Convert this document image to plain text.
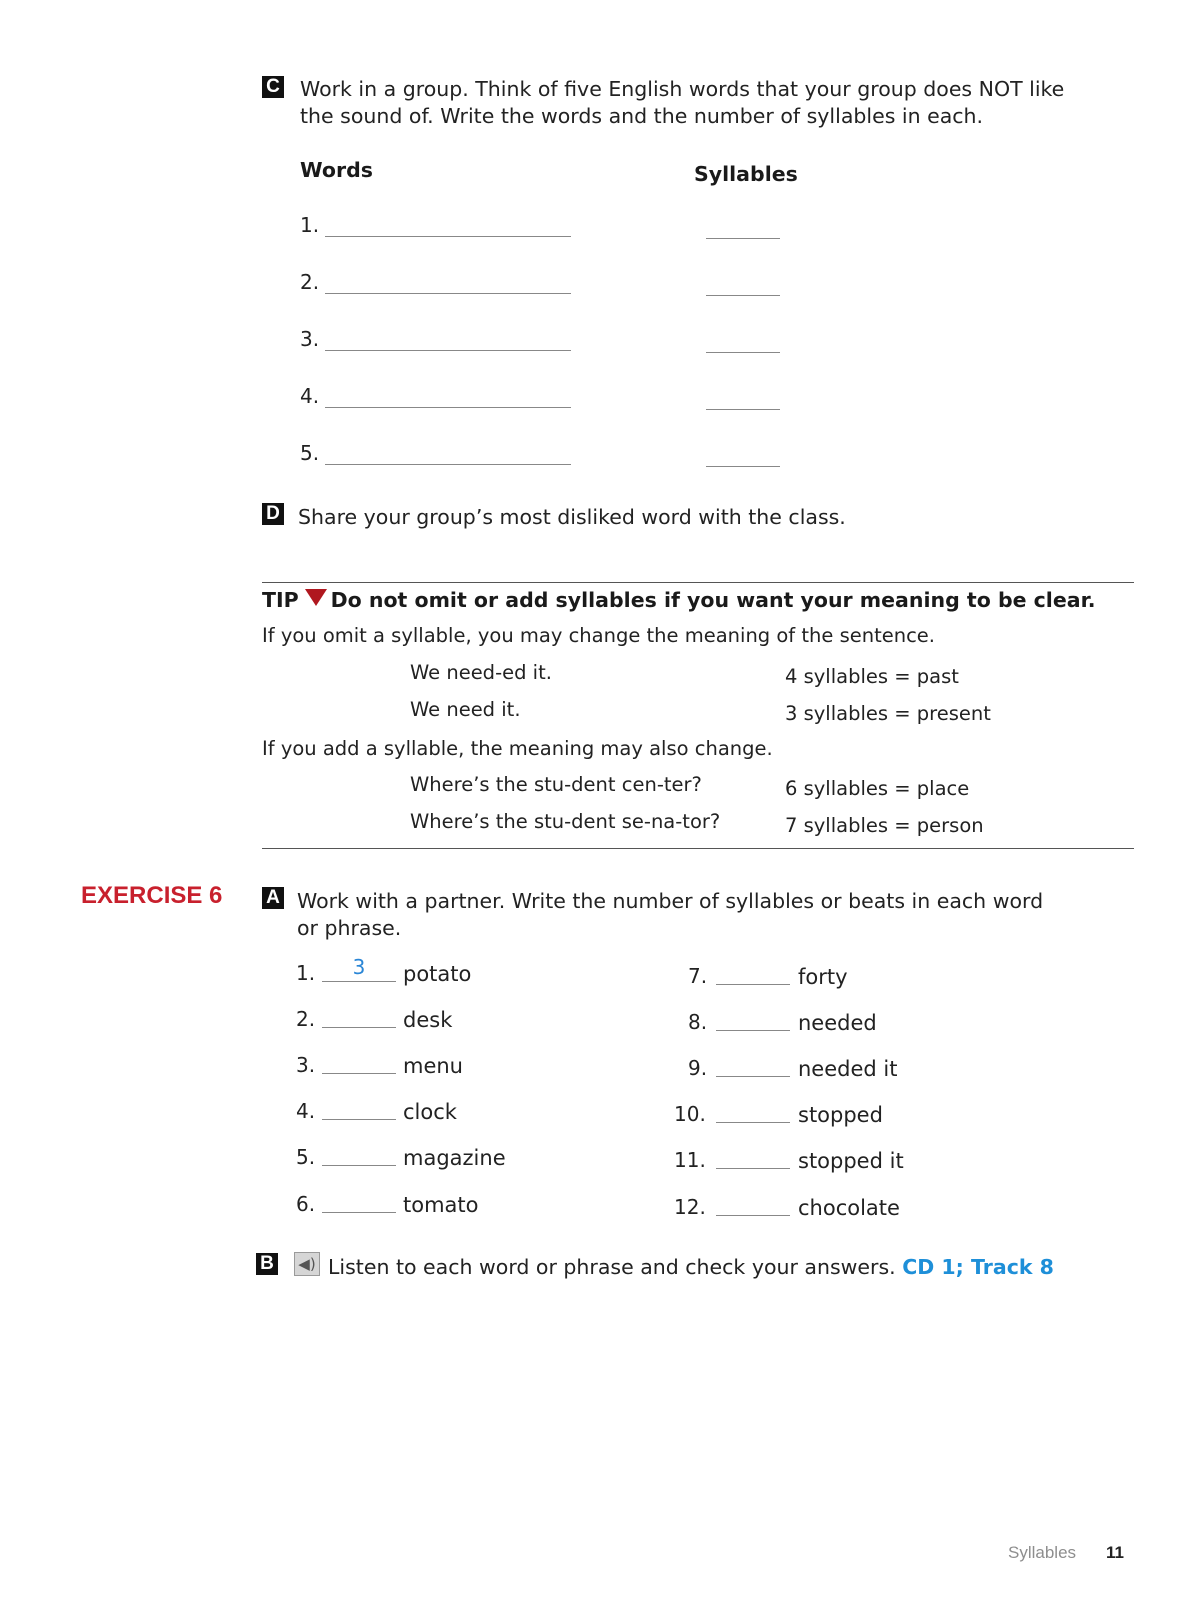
C Work in a group. Think of five English words that your group does NOT like the sound of. Write the words and the number of syllables in each.
Words	Syllables
1.
2.
3.
4.
5.
D Share your group’s most disliked word with the class.
TIP Do not omit or add syllables if you want your meaning to be clear.
If you omit a syllable, you may change the meaning of the sentence.
We need-ed it.	4 syllables = past
We need it.	3 syllables = present
If you add a syllable, the meaning may also change.
Where’s the stu-dent cen-ter?	6 syllables = place
Where’s the stu-dent se-na-tor?	7 syllables = person
EXERCISE 6 A Work with a partner. Write the number of syllables or beats in each word or phrase.
1.	3	potato
2.	desk
3.	menu
4.	clock
5.	magazine
6.	tomato
7.	forty
8.	needed
9.	needed it
10.	stopped
11.	stopped it
12.	chocolate
B ◀) Listen to each word or phrase and check your answers. CD 1; Track 8
Syllables 11
